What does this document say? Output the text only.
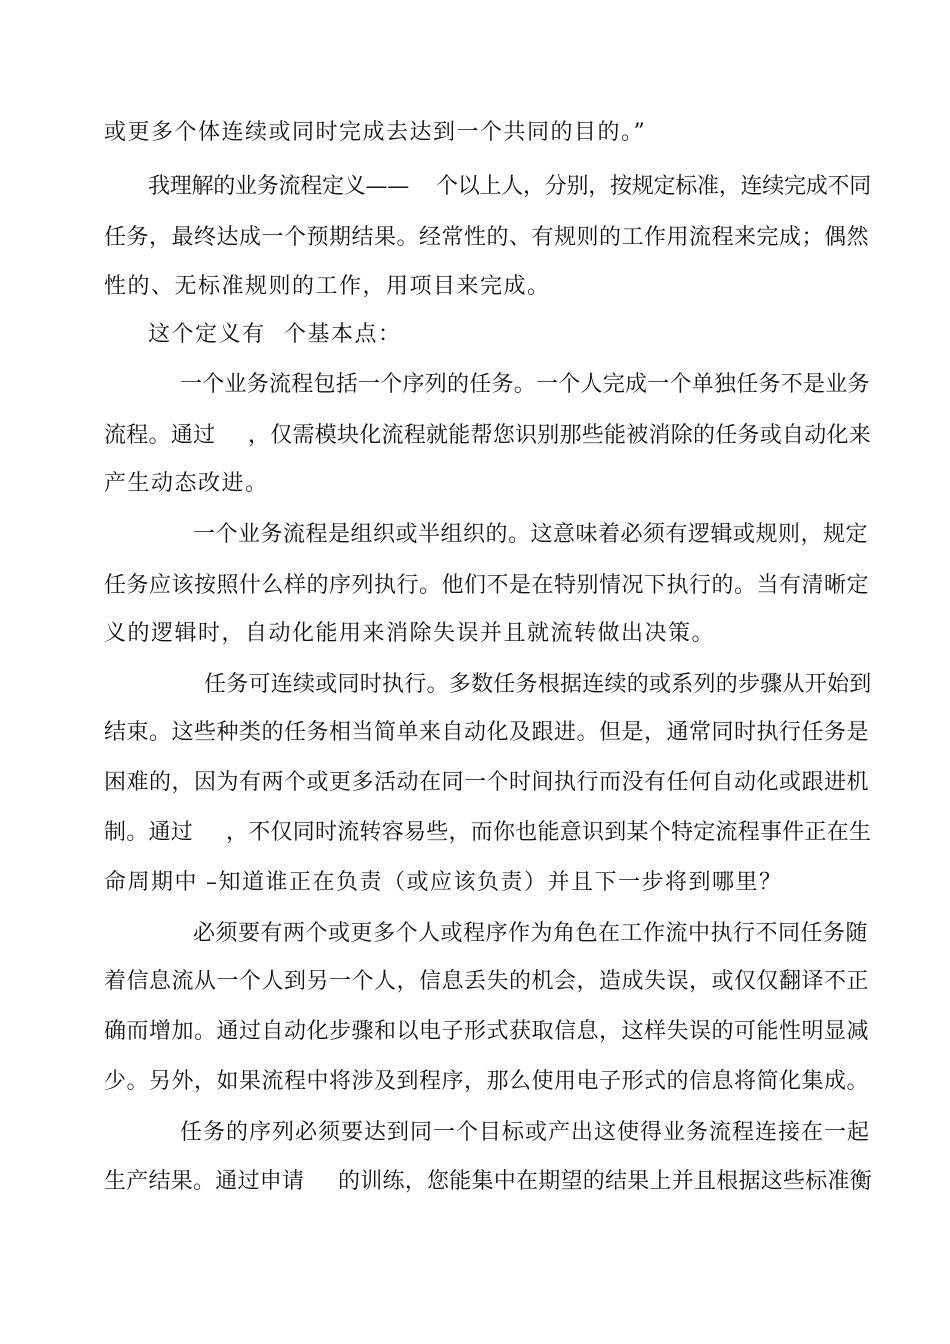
或更多个体连续或同时完成去达到一个共同的目的。”

我理解的业务流程定义——

个以上人，分别，按规定标准，连续完成不同

任务，最终达成一个预期结果。经常性的、有规则的工作用流程来完成；偶然

性的、无标准规则的工作，用项目来完成。

这个定义有

个基本点：

一个业务流程包括一个序列的任务。一个人完成一个单独任务不是业务

流程。通过

，仅需模块化流程就能帮您识别那些能被消除的任务或自动化来

产生动态改进。

一个业务流程是组织或半组织的。这意味着必须有逻辑或规则，规定

任务应该按照什么样的序列执行。他们不是在特别情况下执行的。当有清晰定

义的逻辑时，自动化能用来消除失误并且就流转做出决策。

任务可连续或同时执行。多数任务根据连续的或系列的步骤从开始到

结束。这些种类的任务相当简单来自动化及跟进。但是，通常同时执行任务是

困难的，因为有两个或更多活动在同一个时间执行而没有任何自动化或跟进机

制。通过

，不仅同时流转容易些，而你也能意识到某个特定流程事件正在生

命周期中

–知道谁正在负责（或应该负责）并且下一步将到哪里？

必须要有两个或更多个人或程序作为角色在工作流中执行不同任务随

着信息流从一个人到另一个人，信息丢失的机会，造成失误，或仅仅翻译不正

确而增加。通过自动化步骤和以电子形式获取信息，这样失误的可能性明显减

少。另外，如果流程中将涉及到程序，那么使用电子形式的信息将简化集成。

任务的序列必须要达到同一个目标或产出这使得业务流程连接在一起

生产结果。通过申请

的训练，您能集中在期望的结果上并且根据这些标准衡
